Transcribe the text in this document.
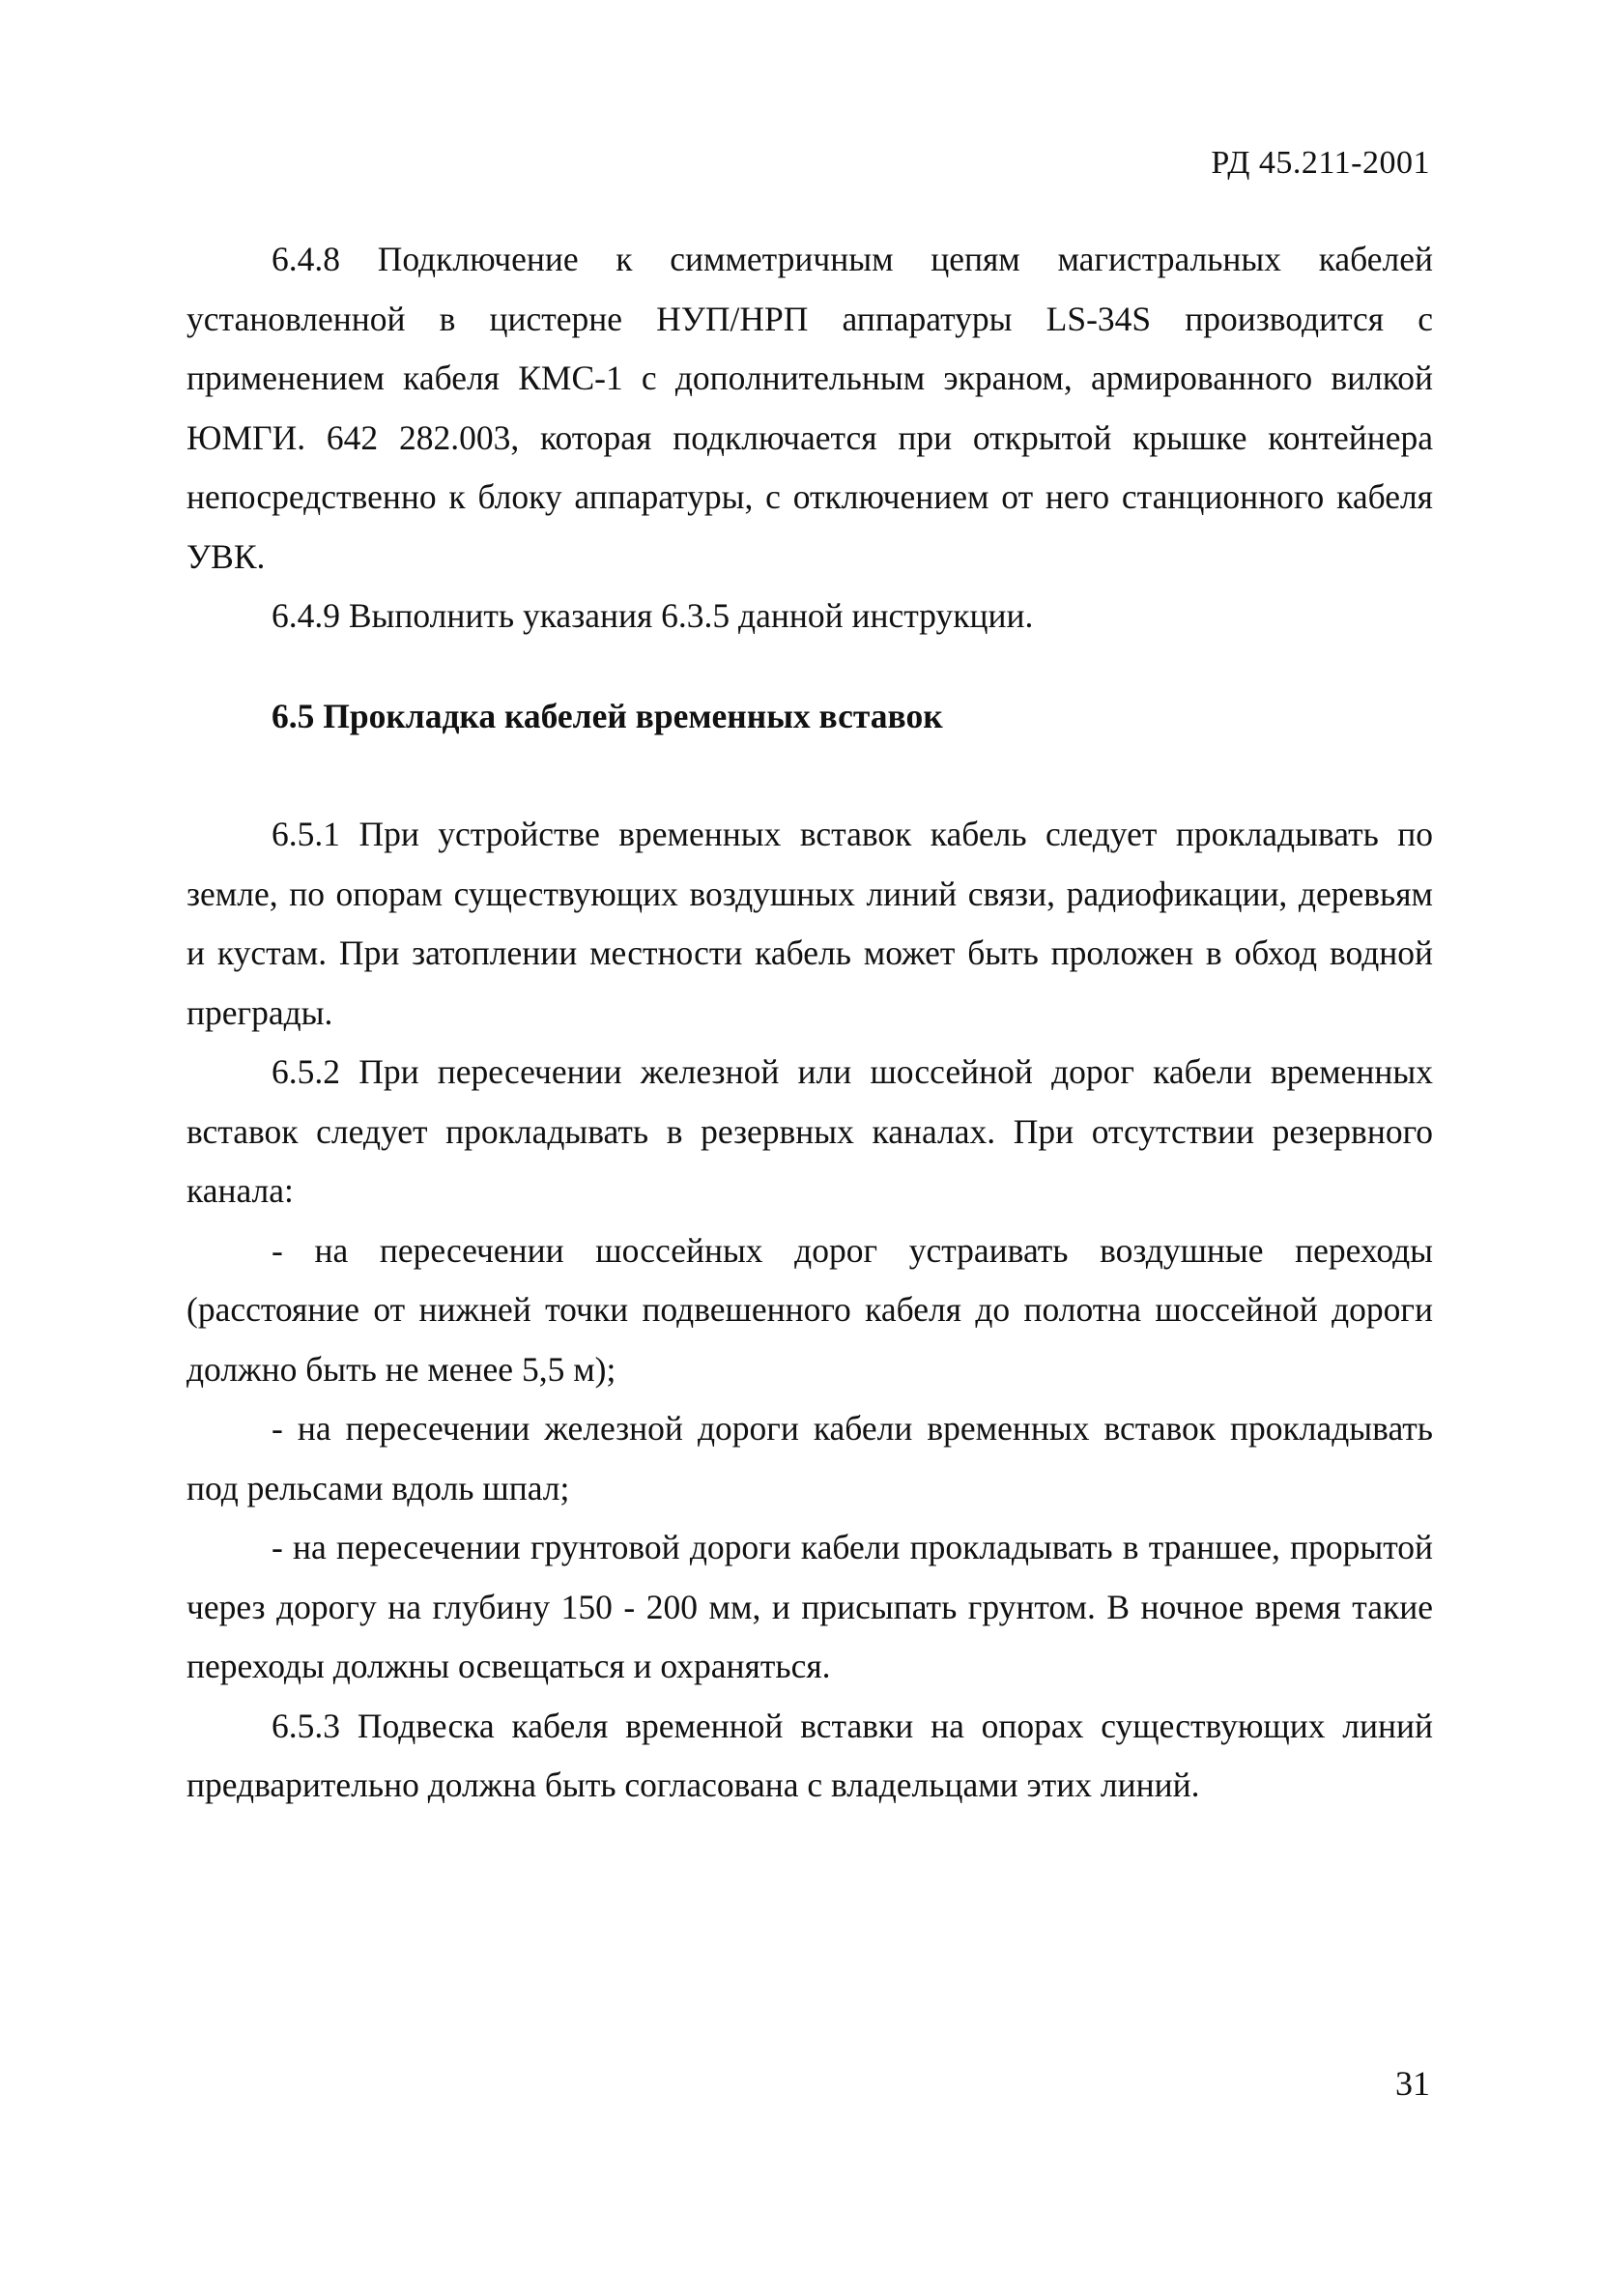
РД 45.211-2001

6.4.8 Подключение к симметричным цепям магистральных кабелей установленной в цистерне НУП/НРП аппаратуры LS-34S производится с применением кабеля КМС-1 с дополнительным экраном, армированного вилкой ЮМГИ. 642 282.003, которая подключается при открытой крышке контейнера непосредственно к блоку аппаратуры, с отключением от него станционного кабеля УВК.

6.4.9 Выполнить указания 6.3.5 данной инструкции.

6.5 Прокладка кабелей временных вставок

6.5.1 При устройстве временных вставок кабель следует прокладывать по земле, по опорам существующих воздушных линий связи, радиофикации, деревьям и кустам. При затоплении местности кабель может быть проложен в обход водной преграды.

6.5.2 При пересечении железной или шоссейной дорог кабели временных вставок следует прокладывать в резервных каналах. При отсутствии резервного канала:

- на пересечении шоссейных дорог устраивать воздушные переходы (расстояние от нижней точки подвешенного кабеля до полотна шоссейной дороги должно быть не менее 5,5 м);

- на пересечении железной дороги кабели временных вставок прокладывать под рельсами вдоль шпал;

- на пересечении грунтовой дороги кабели прокладывать в траншее, прорытой через дорогу на глубину 150 - 200 мм, и присыпать грунтом. В ночное время такие переходы должны освещаться и охраняться.

6.5.3 Подвеска кабеля временной вставки на опорах существующих линий предварительно должна быть согласована с владельцами этих линий.

31
